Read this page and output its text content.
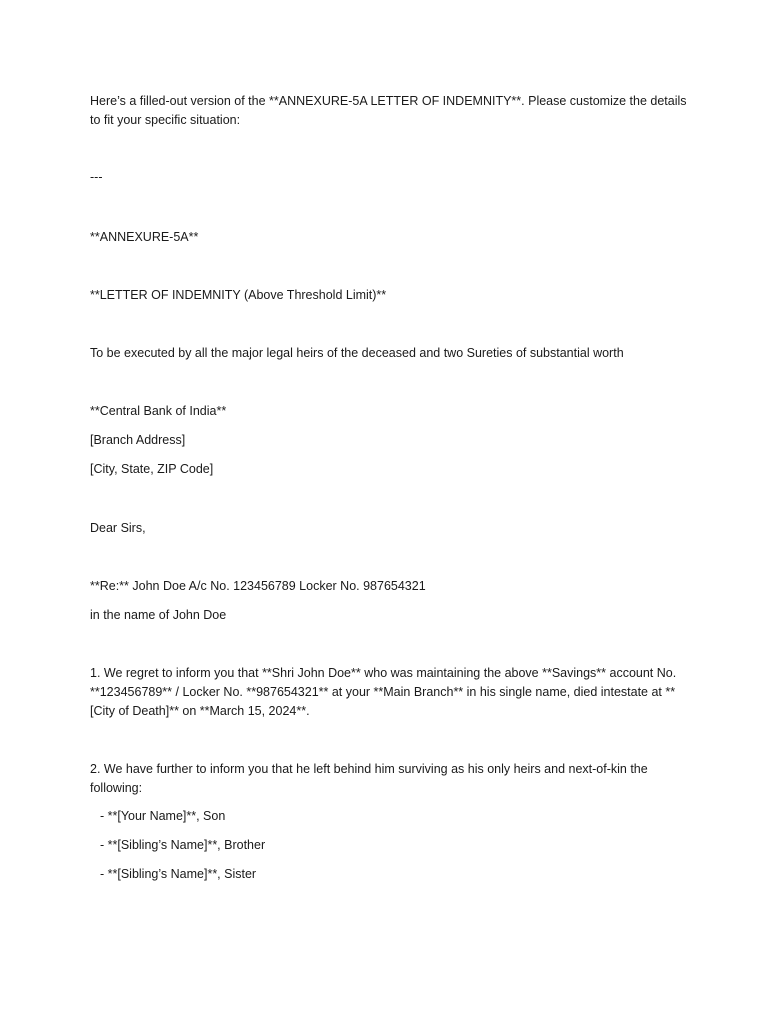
Here’s a filled-out version of the **ANNEXURE-5A LETTER OF INDEMNITY**. Please customize the details to fit your specific situation:
---
**ANNEXURE-5A**
**LETTER OF INDEMNITY (Above Threshold Limit)**
To be executed by all the major legal heirs of the deceased and two Sureties of substantial worth
**Central Bank of India**
[Branch Address]
[City, State, ZIP Code]
Dear Sirs,
**Re:** John Doe A/c No. 123456789 Locker No. 987654321
in the name of John Doe
1. We regret to inform you that **Shri John Doe** who was maintaining the above **Savings** account No. **123456789** / Locker No. **987654321** at your **Main Branch** in his single name, died intestate at **[City of Death]** on **March 15, 2024**.
2. We have further to inform you that he left behind him surviving as his only heirs and next-of-kin the following:
- **[Your Name]**, Son
- **[Sibling’s Name]**, Brother
- **[Sibling’s Name]**, Sister
